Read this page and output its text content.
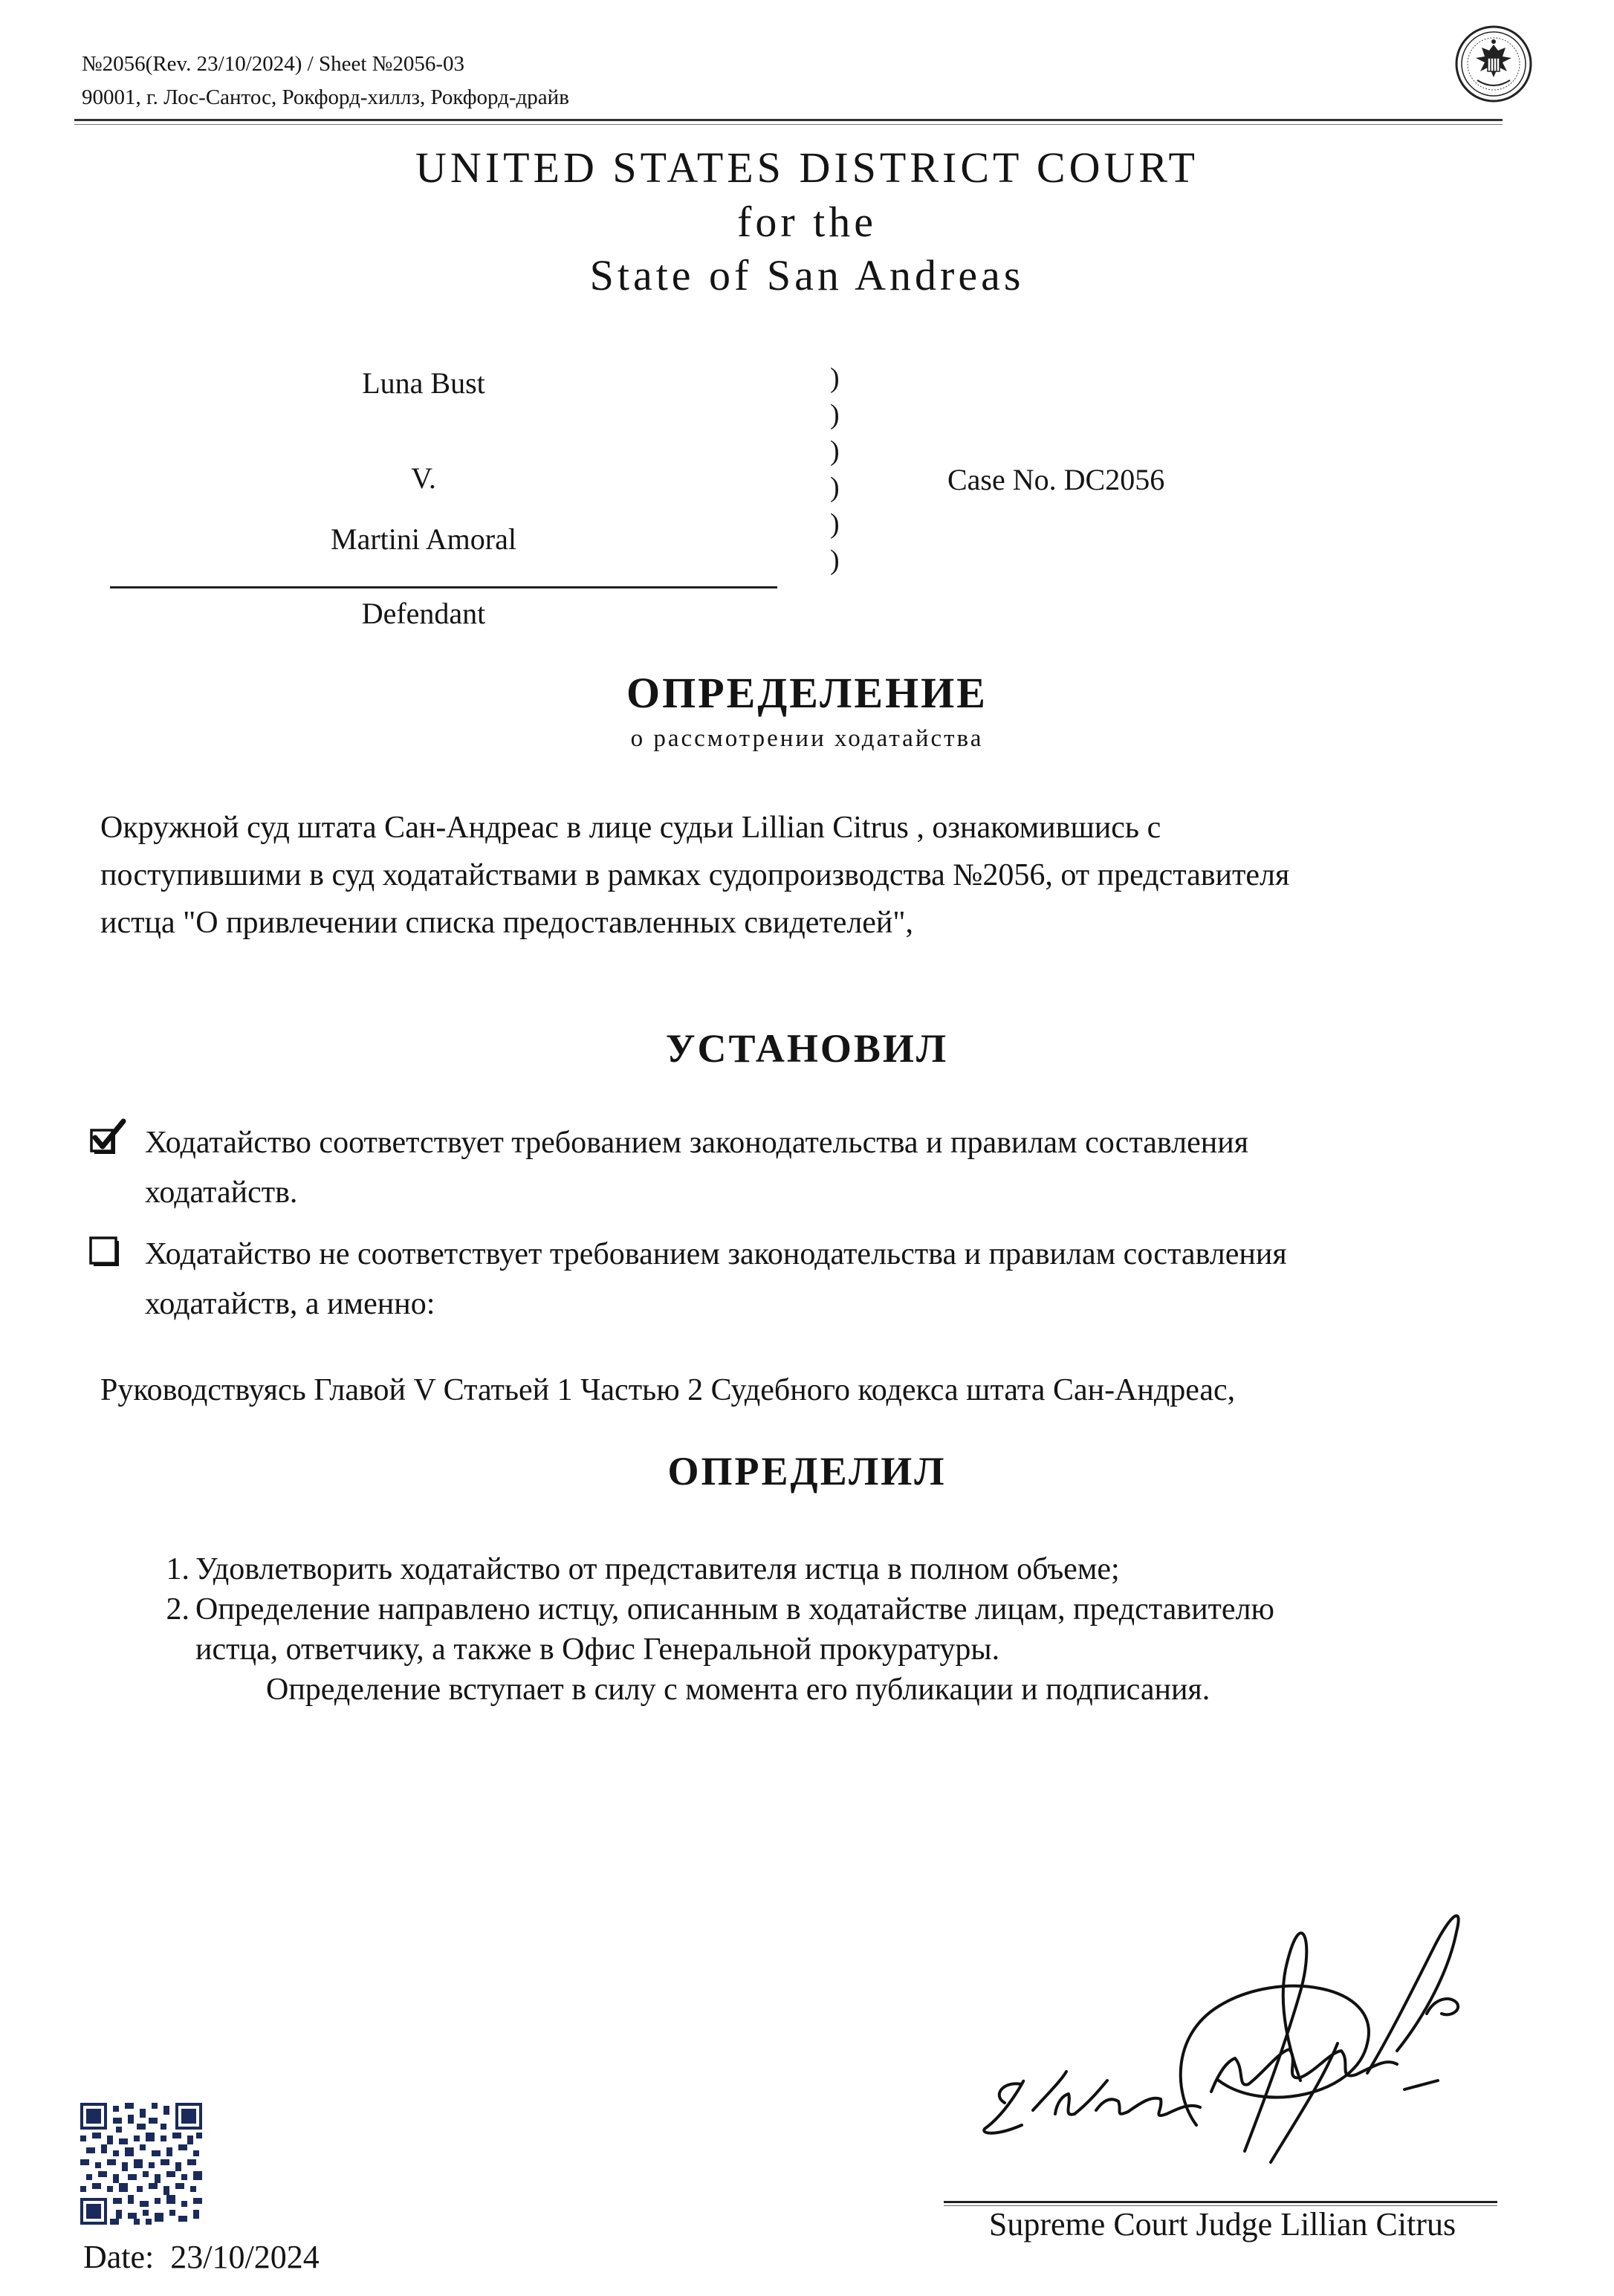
№2056(Rev. 23/10/2024) / Sheet №2056-03
90001, г. Лос-Сантос, Рокфорд-хиллз, Рокфорд-драйв
UNITED STATES DISTRICT COURT
for the
State of San Andreas
Luna Bust
V.
Martini Amoral
Defendant
)
)
)
)
)
)
Case No. DC2056
ОПРЕДЕЛЕНИЕ
о рассмотрении ходатайства
Окружной суд штата Сан-Андреас в лице судьи Lillian Citrus , ознакомившись с
поступившими в суд ходатайствами в рамках судопроизводства №2056, от представителя
истца "О привлечении списка предоставленных свидетелей",
УСТАНОВИЛ
Ходатайство соответствует требованием законодательства и правилам составления
ходатайств.
Ходатайство не соответствует требованием законодательства и правилам составления
ходатайств, а именно:
Руководствуясь Главой V Статьей 1 Частью 2 Судебного кодекса штата Сан-Андреас,
ОПРЕДЕЛИЛ
1. Удовлетворить ходатайство от представителя истца в полном объеме;
2. Определение направлено истцу, описанным в ходатайстве лицам, представителю
истца, ответчику, а также в Офис Генеральной прокуратуры.
Определение вступает в силу с момента его публикации и подписания.
Supreme Court Judge Lillian Citrus
Date: 23/10/2024
